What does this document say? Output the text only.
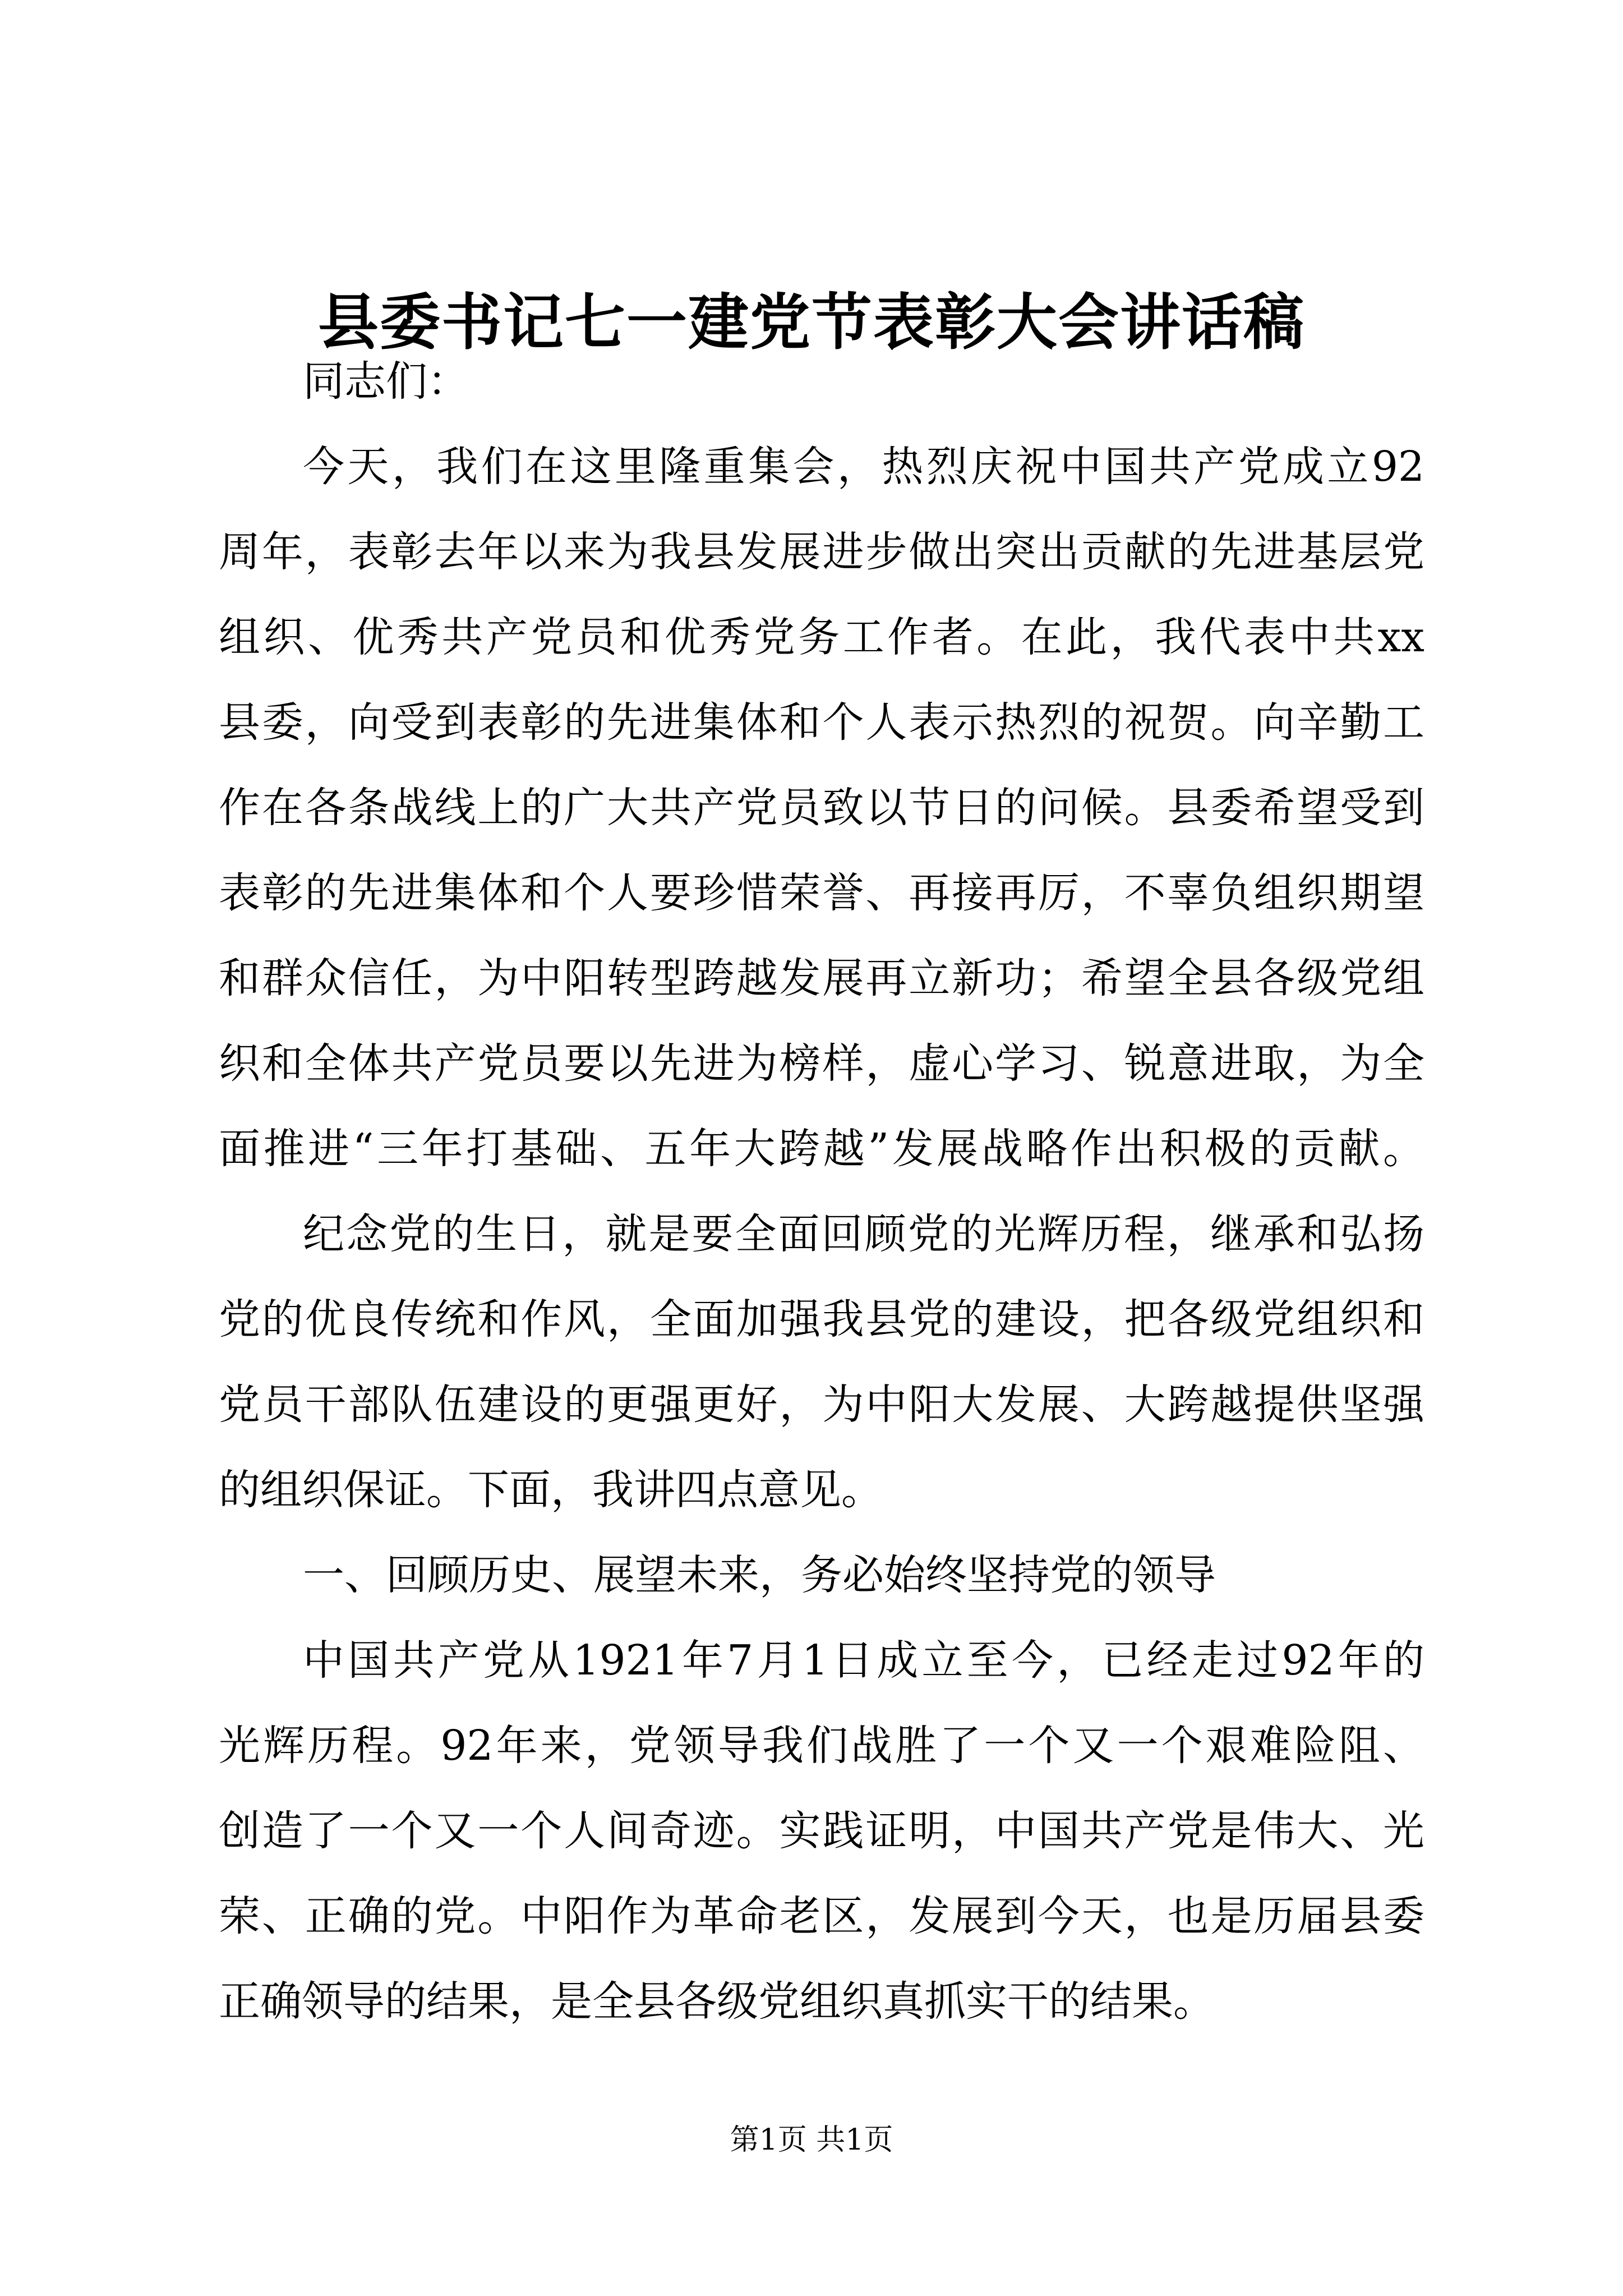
县委书记七一建党节表彰大会讲话稿
同志们：
今天，我们在这里隆重集会，热烈庆祝中国共产党成立92
周年，表彰去年以来为我县发展进步做出突出贡献的先进基层党
组织、优秀共产党员和优秀党务工作者。在此，我代表中共xx
县委，向受到表彰的先进集体和个人表示热烈的祝贺。向辛勤工
作在各条战线上的广大共产党员致以节日的问候。县委希望受到
表彰的先进集体和个人要珍惜荣誉、再接再厉，不辜负组织期望
和群众信任，为中阳转型跨越发展再立新功；希望全县各级党组
织和全体共产党员要以先进为榜样，虚心学习、锐意进取，为全
面推进“三年打基础、五年大跨越”发展战略作出积极的贡献。
纪念党的生日，就是要全面回顾党的光辉历程，继承和弘扬
党的优良传统和作风，全面加强我县党的建设，把各级党组织和
党员干部队伍建设的更强更好，为中阳大发展、大跨越提供坚强
的组织保证。下面，我讲四点意见。
一、回顾历史、展望未来，务必始终坚持党的领导
中国共产党从1921年7月1日成立至今，已经走过92年的
光辉历程。92年来，党领导我们战胜了一个又一个艰难险阻、
创造了一个又一个人间奇迹。实践证明，中国共产党是伟大、光
第1页 共1页
荣、正确的党。中阳作为革命老区，发展到今天，也是历届县委
正确领导的结果，是全县各级党组织真抓实干的结果。
